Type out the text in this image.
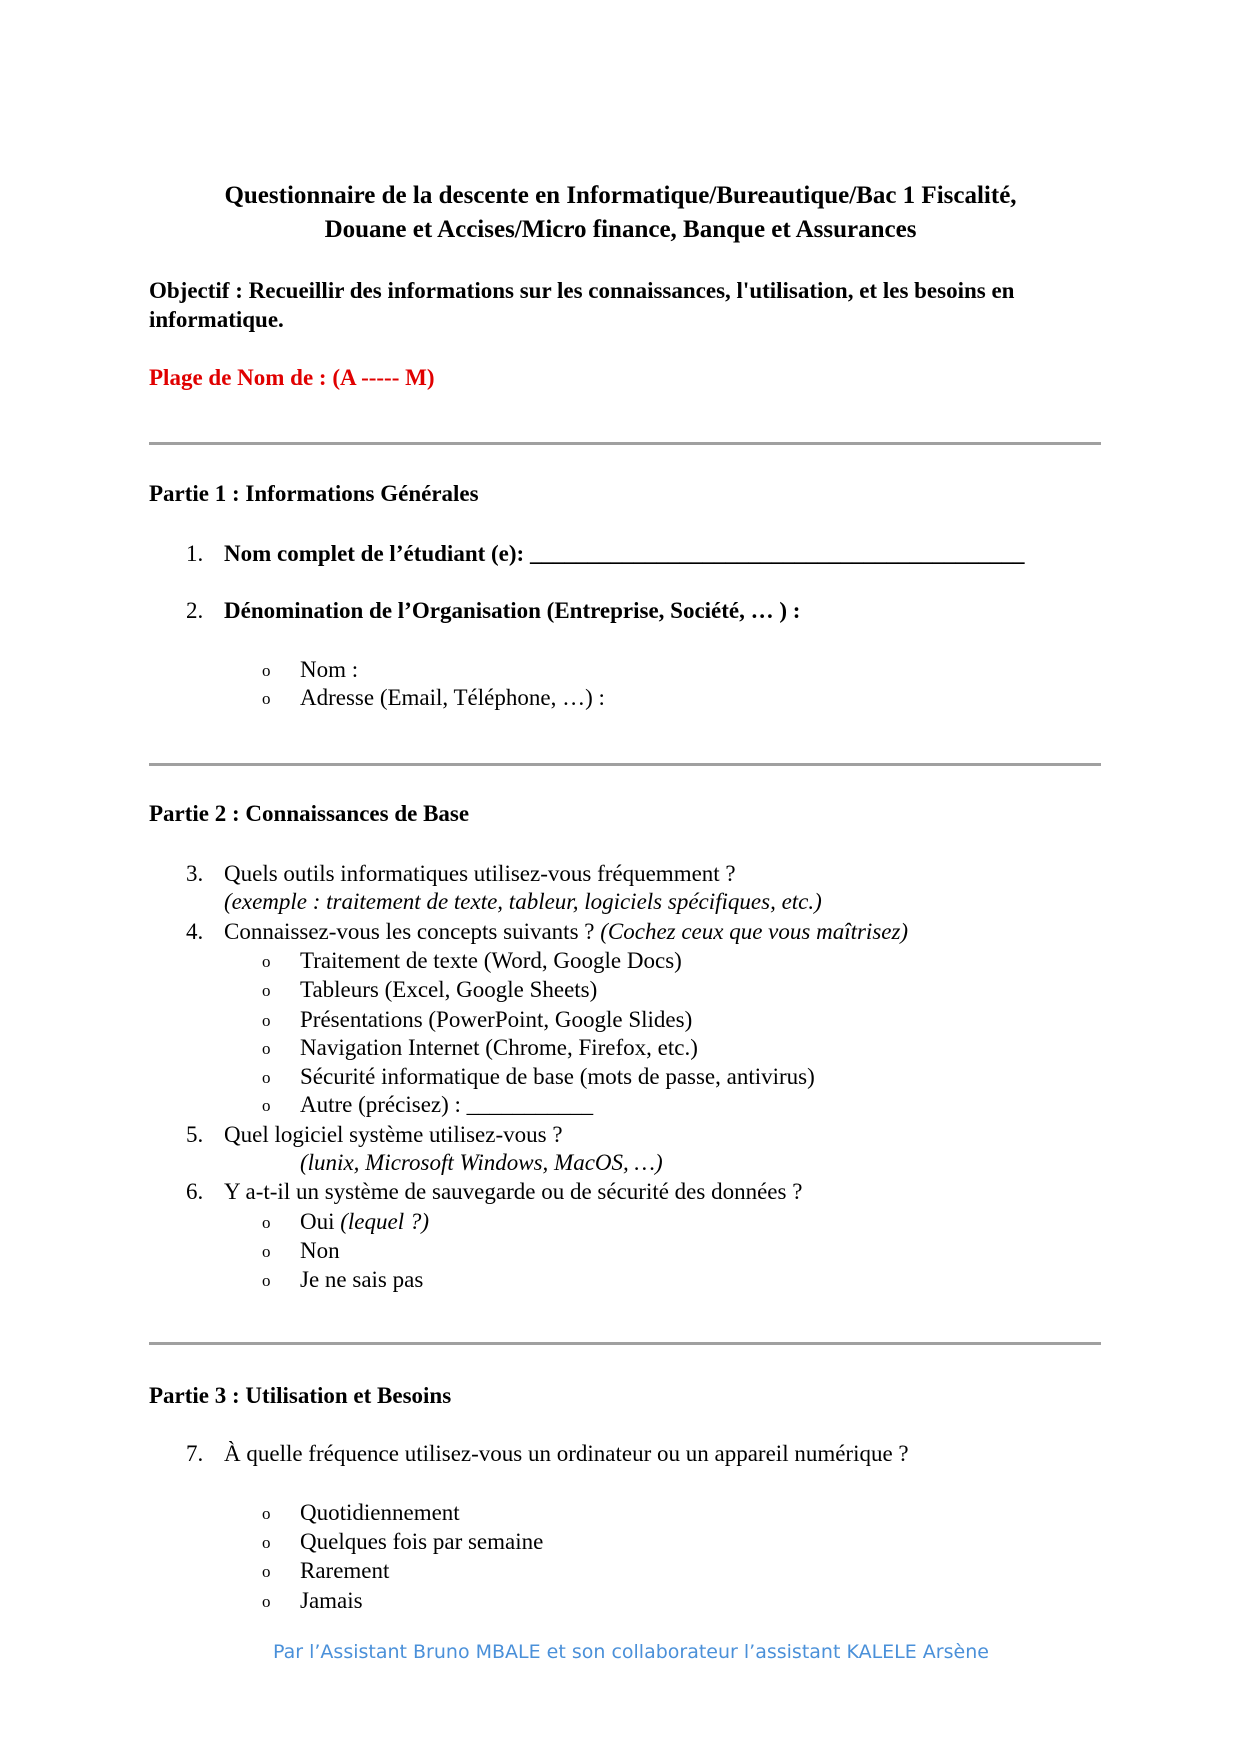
Questionnaire de la descente en Informatique/Bureautique/Bac 1 Fiscalité,
Douane et Accises/Micro finance, Banque et Assurances
Objectif : Recueillir des informations sur les connaissances, l'utilisation, et les besoins en
informatique.
Plage de Nom de : (A ----- M)
Partie 1 : Informations Générales
1. Nom complet de l’étudiant (e): ___________________________________________
2. Dénomination de l’Organisation (Entreprise, Société, … ) :
o Nom :
o Adresse (Email, Téléphone, …) :
Partie 2 : Connaissances de Base
3. Quels outils informatiques utilisez-vous fréquemment ?
(exemple : traitement de texte, tableur, logiciels spécifiques, etc.)
4. Connaissez-vous les concepts suivants ? (Cochez ceux que vous maîtrisez)
o Traitement de texte (Word, Google Docs)
o Tableurs (Excel, Google Sheets)
o Présentations (PowerPoint, Google Slides)
o Navigation Internet (Chrome, Firefox, etc.)
o Sécurité informatique de base (mots de passe, antivirus)
o Autre (précisez) : ___________
5. Quel logiciel système utilisez-vous ?
(lunix, Microsoft Windows, MacOS, …)
6. Y a-t-il un système de sauvegarde ou de sécurité des données ?
o Oui (lequel ?)
o Non
o Je ne sais pas
Partie 3 : Utilisation et Besoins
7. À quelle fréquence utilisez-vous un ordinateur ou un appareil numérique ?
o Quotidiennement
o Quelques fois par semaine
o Rarement
o Jamais
Par l’Assistant Bruno MBALE et son collaborateur l’assistant KALELE Arsène
